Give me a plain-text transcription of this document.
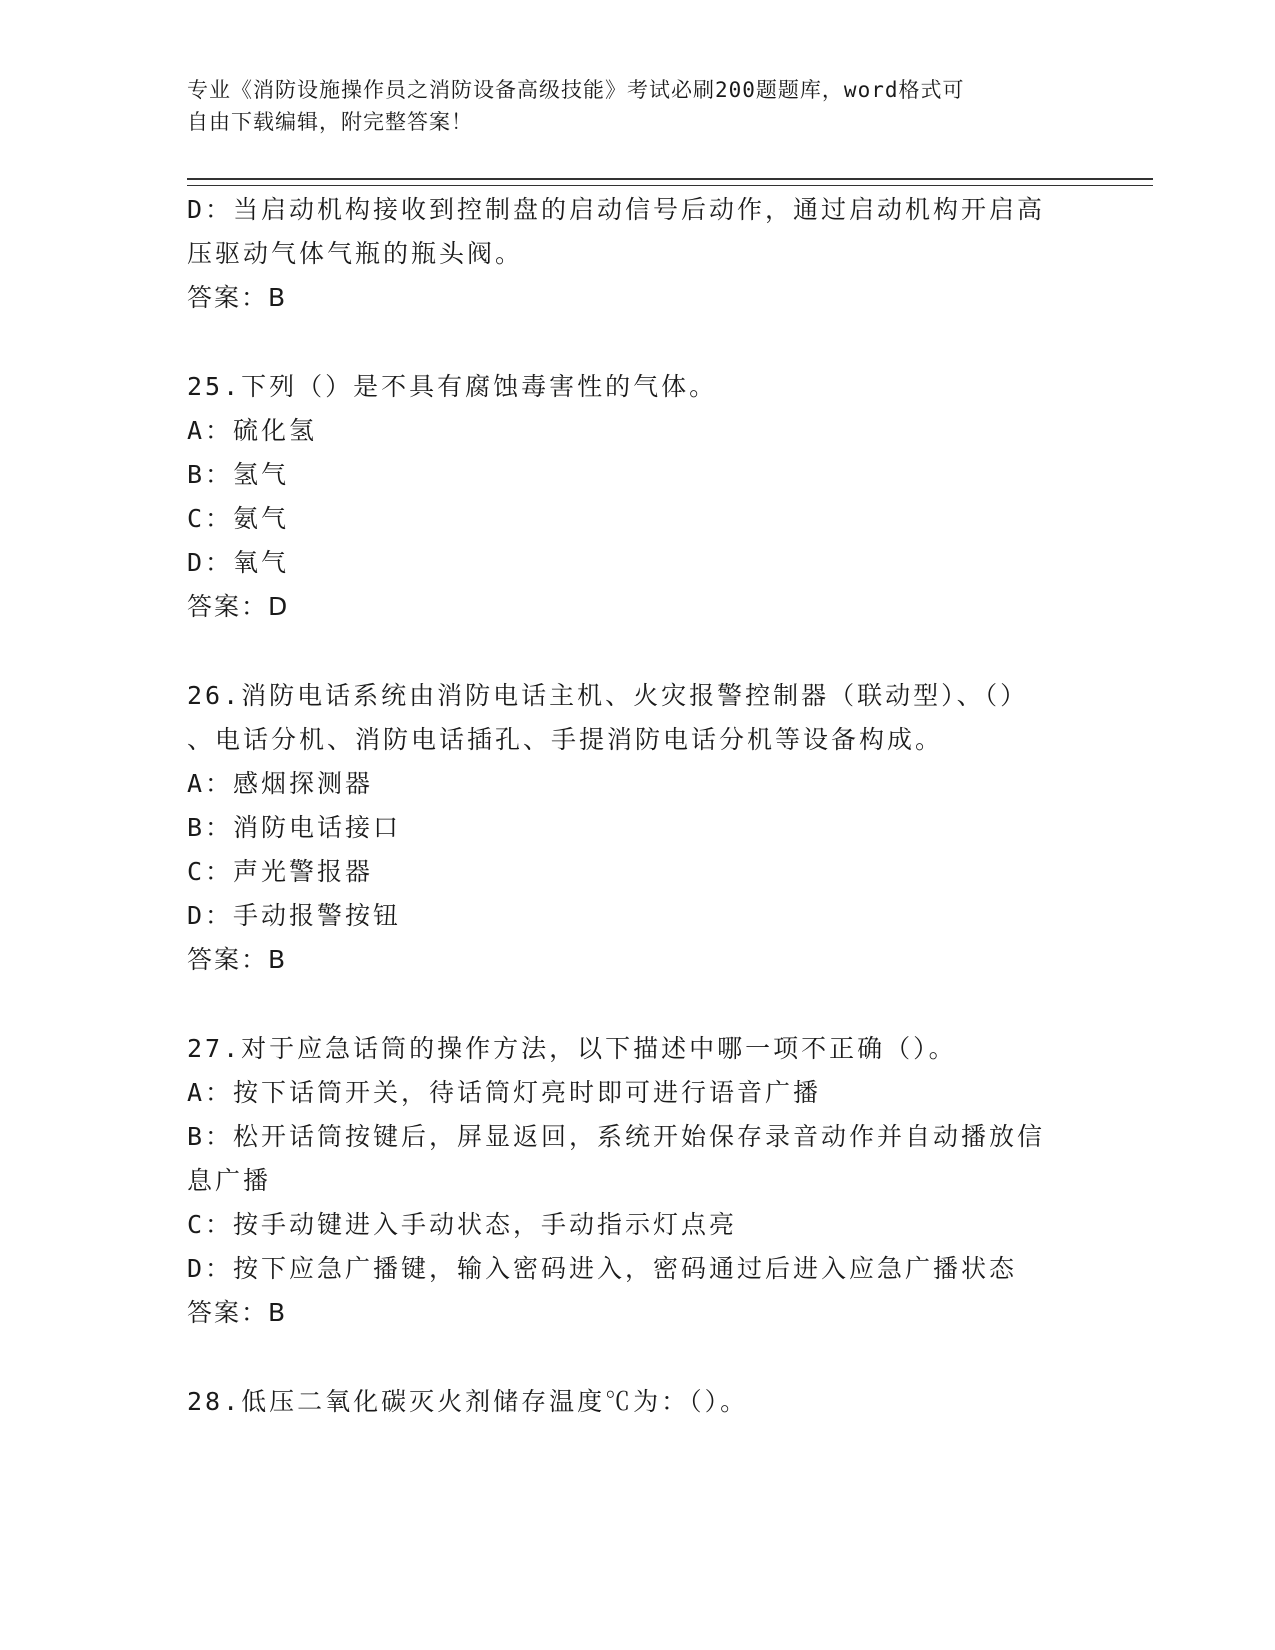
专业《消防设施操作员之消防设备高级技能》考试必刷200题题库，word格式可
自由下载编辑，附完整答案！
D：当启动机构接收到控制盘的启动信号后动作，通过启动机构开启高
压驱动气体气瓶的瓶头阀。
答案：B
25.下列（）是不具有腐蚀毒害性的气体。
A：硫化氢
B：氢气
C：氨气
D：氧气
答案：D
26.消防电话系统由消防电话主机、火灾报警控制器（联动型）、（）
、电话分机、消防电话插孔、手提消防电话分机等设备构成。
A：感烟探测器
B：消防电话接口
C：声光警报器
D：手动报警按钮
答案：B
27.对于应急话筒的操作方法，以下描述中哪一项不正确（）。
A：按下话筒开关，待话筒灯亮时即可进行语音广播
B：松开话筒按键后，屏显返回，系统开始保存录音动作并自动播放信
息广播
C：按手动键进入手动状态，手动指示灯点亮
D：按下应急广播键，输入密码进入，密码通过后进入应急广播状态
答案：B
28.低压二氧化碳灭火剂储存温度℃为：（）。
